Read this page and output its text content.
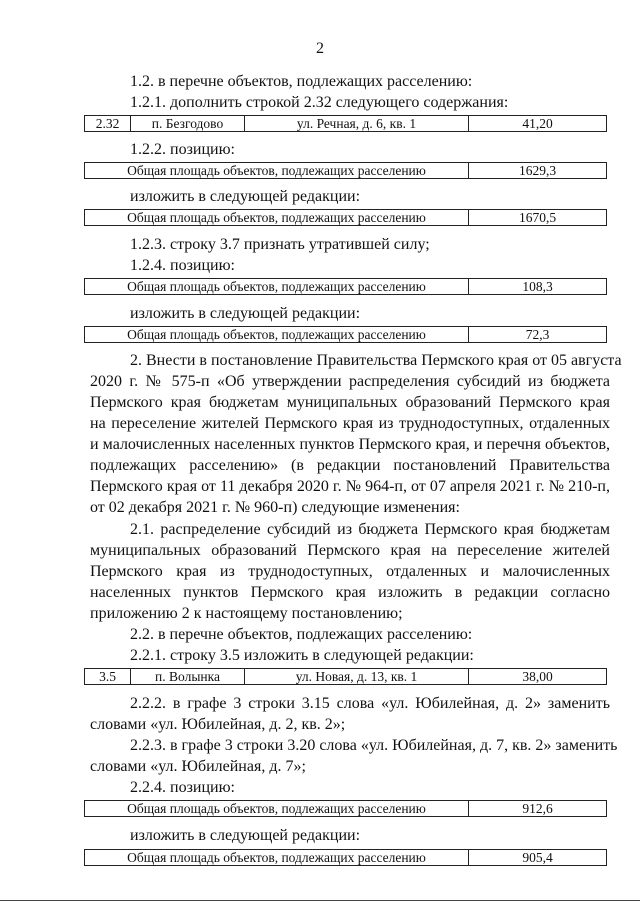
2
1.2. в перечне объектов, подлежащих расселению:
1.2.1. дополнить строкой 2.32 следующего содержания:
2.32	п. Безгодово	ул. Речная, д. 6, кв. 1	41,20
1.2.2. позицию:
Общая площадь объектов, подлежащих расселению	1629,3
изложить в следующей редакции:
Общая площадь объектов, подлежащих расселению	1670,5
1.2.3. строку 3.7 признать утратившей силу;
1.2.4. позицию:
Общая площадь объектов, подлежащих расселению	108,3
изложить в следующей редакции:
Общая площадь объектов, подлежащих расселению	72,3
2. Внести в постановление Правительства Пермского края от 05 августа
2020 г. № 575-п «Об утверждении распределения субсидий из бюджета
Пермского края бюджетам муниципальных образований Пермского края
на переселение жителей Пермского края из труднодоступных, отдаленных
и малочисленных населенных пунктов Пермского края, и перечня объектов,
подлежащих расселению» (в редакции постановлений Правительства
Пермского края от 11 декабря 2020 г. № 964-п, от 07 апреля 2021 г. № 210-п,
от 02 декабря 2021 г. № 960-п) следующие изменения:
2.1. распределение субсидий из бюджета Пермского края бюджетам
муниципальных образований Пермского края на переселение жителей
Пермского края из труднодоступных, отдаленных и малочисленных
населенных пунктов Пермского края изложить в редакции согласно
приложению 2 к настоящему постановлению;
2.2. в перечне объектов, подлежащих расселению:
2.2.1. строку 3.5 изложить в следующей редакции:
3.5	п. Волынка	ул. Новая, д. 13, кв. 1	38,00
2.2.2. в графе 3 строки 3.15 слова «ул. Юбилейная, д. 2» заменить
словами «ул. Юбилейная, д. 2, кв. 2»;
2.2.3. в графе 3 строки 3.20 слова «ул. Юбилейная, д. 7, кв. 2» заменить
словами «ул. Юбилейная, д. 7»;
2.2.4. позицию:
Общая площадь объектов, подлежащих расселению	912,6
изложить в следующей редакции:
Общая площадь объектов, подлежащих расселению	905,4
